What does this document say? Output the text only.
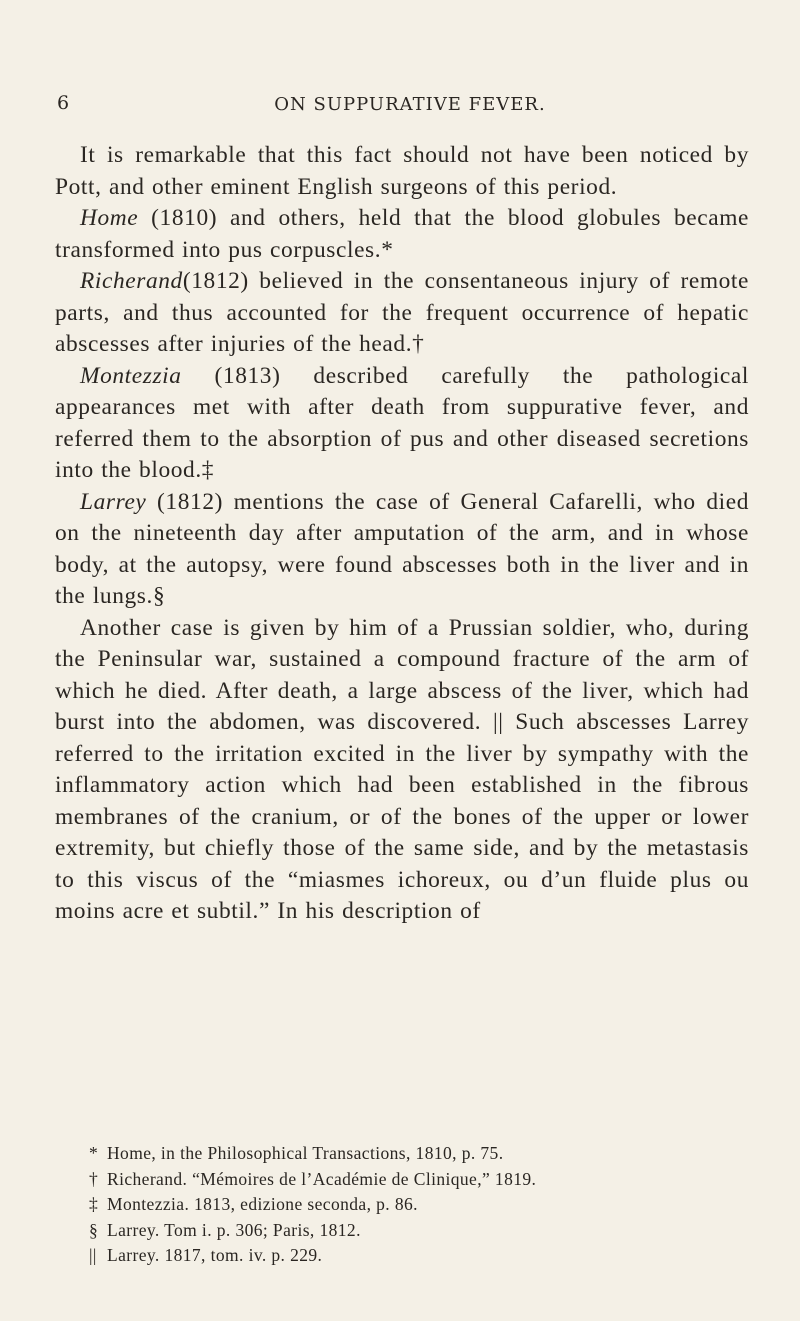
6	ON SUPPURATIVE FEVER.

It is remarkable that this fact should not have been noticed by Pott, and other eminent English surgeons of this period.

Home (1810) and others, held that the blood globules became transformed into pus corpuscles.*

Richerand(1812) believed in the consentaneous injury of remote parts, and thus accounted for the frequent occurrence of hepatic abscesses after injuries of the head.†

Montezzia (1813) described carefully the pathological appearances met with after death from suppurative fever, and referred them to the absorption of pus and other diseased secretions into the blood.‡

Larrey (1812) mentions the case of General Cafarelli, who died on the nineteenth day after amputation of the arm, and in whose body, at the autopsy, were found abscesses both in the liver and in the lungs.§

Another case is given by him of a Prussian soldier, who, during the Peninsular war, sustained a compound fracture of the arm of which he died. After death, a large abscess of the liver, which had burst into the abdomen, was discovered. || Such abscesses Larrey referred to the irritation excited in the liver by sympathy with the inflammatory action which had been established in the fibrous membranes of the cranium, or of the bones of the upper or lower extremity, but chiefly those of the same side, and by the metastasis to this viscus of the “miasmes ichoreux, ou d’un fluide plus ou moins acre et subtil.” In his description of

* Home, in the Philosophical Transactions, 1810, p. 75.
† Richerand. “Mémoires de l’Académie de Clinique,” 1819.
‡ Montezzia. 1813, edizione seconda, p. 86.
§ Larrey. Tom i. p. 306; Paris, 1812.
|| Larrey. 1817, tom. iv. p. 229.
